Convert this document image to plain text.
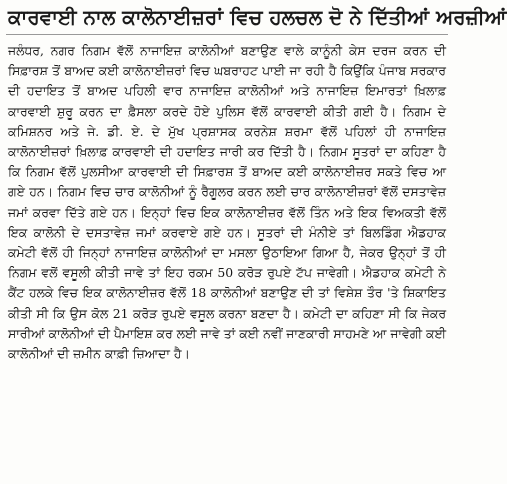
ਕਾਰਵਾਈ ਨਾਲ ਕਾਲੋਨਾਈਜ਼ਰਾਂ ਵਿਚ ਹਲਚਲ ਦੋ ਨੇ ਦਿੱਤੀਆਂ ਅਰਜ਼ੀਆਂ

ਜਲੰਧਰ, ਨਗਰ ਨਿਗਮ ਵੱਲੋਂ ਨਾਜਾਇਜ਼ ਕਾਲੋਨੀਆਂ ਬਣਾਉਣ ਵਾਲੇ ਕਾਨੂੰਨੀ ਕੇਸ ਦਰਜ ਕਰਨ ਦੀ ਸਿਫ਼ਾਰਸ਼ ਤੋਂ ਬਾਅਦ ਕਈ ਕਾਲੋਨਾਈਜ਼ਰਾਂ ਵਿਚ ਘਬਰਾਹਟ ਪਾਈ ਜਾ ਰਹੀ ਹੈ ਕਿਉਂਕਿ ਪੰਜਾਬ ਸਰਕਾਰ ਦੀ ਹਦਾਇਤ ਤੋਂ ਬਾਅਦ ਪਹਿਲੀ ਵਾਰ ਨਾਜਾਇਜ਼ ਕਾਲੋਨੀਆਂ ਅਤੇ ਨਾਜਾਇਜ਼ ਇਮਾਰਤਾਂ ਖ਼ਿਲਾਫ਼ ਕਾਰਵਾਈ ਸ਼ੁਰੂ ਕਰਨ ਦਾ ਫ਼ੈਸਲਾ ਕਰਦੇ ਹੋਏ ਪੁਲਿਸ ਵੱਲੋਂ ਕਾਰਵਾਈ ਕੀਤੀ ਗਈ ਹੈ। ਨਿਗਮ ਦੇ ਕਮਿਸ਼ਨਰ ਅਤੇ ਜੇ. ਡੀ. ਏ. ਦੇ ਮੁੱਖ ਪ੍ਰਸ਼ਾਸਕ ਕਰਨੇਸ਼ ਸ਼ਰਮਾ ਵੱਲੋਂ ਪਹਿਲਾਂ ਹੀ ਨਾਜਾਇਜ਼ ਕਾਲੋਨਾਈਜ਼ਰਾਂ ਖ਼ਿਲਾਫ਼ ਕਾਰਵਾਈ ਦੀ ਹਦਾਇਤ ਜਾਰੀ ਕਰ ਦਿੱਤੀ ਹੈ। ਨਿਗਮ ਸੂਤਰਾਂ ਦਾ ਕਹਿਣਾ ਹੈ ਕਿ ਨਿਗਮ ਵੱਲੋਂ ਪੁਲਸੀਆ ਕਾਰਵਾਈ ਦੀ ਸਿਫ਼ਾਰਸ਼ ਤੋਂ ਬਾਅਦ ਕਈ ਕਾਲੋਨਾਈਜ਼ਰ ਸਕਤੇ ਵਿਚ ਆ ਗਏ ਹਨ। ਨਿਗਮ ਵਿਚ ਚਾਰ ਕਾਲੋਨੀਆਂ ਨੂੰ ਰੈਗੂਲਰ ਕਰਨ ਲਈ ਚਾਰ ਕਾਲੋਨਾਈਜ਼ਰਾਂ ਵੱਲੋਂ ਦਸਤਾਵੇਜ਼ ਜਮਾਂ ਕਰਵਾ ਦਿੱਤੇ ਗਏ ਹਨ। ਇਨ੍ਹਾਂ ਵਿਚ ਇਕ ਕਾਲੋਨਾਈਜ਼ਰ ਵੱਲੋਂ ਤਿੰਨ ਅਤੇ ਇਕ ਵਿਅਕਤੀ ਵੱਲੋਂ ਇਕ ਕਾਲੋਨੀ ਦੇ ਦਸਤਾਵੇਜ਼ ਜਮਾਂ ਕਰਵਾਏ ਗਏ ਹਨ। ਸੂਤਰਾਂ ਦੀ ਮੰਨੀਏ ਤਾਂ ਬਿਲਡਿੰਗ ਐਡਹਾਕ ਕਮੇਟੀ ਵੱਲੋਂ ਹੀ ਜਿਨ੍ਹਾਂ ਨਾਜਾਇਜ਼ ਕਾਲੋਨੀਆਂ ਦਾ ਮਸਲਾ ਉਠਾਇਆ ਗਿਆ ਹੈ, ਜੇਕਰ ਉਨ੍ਹਾਂ ਤੋਂ ਹੀ ਨਿਗਮ ਵਲੋਂ ਵਸੂਲੀ ਕੀਤੀ ਜਾਵੇ ਤਾਂ ਇਹ ਰਕਮ 50 ਕਰੋੜ ਰੁਪਏ ਟੱਪ ਜਾਵੇਗੀ। ਐਡਹਾਕ ਕਮੇਟੀ ਨੇ ਕੈਂਟ ਹਲਕੇ ਵਿਚ ਇਕ ਕਾਲੋਨਾਈਜ਼ਰ ਵੱਲੋਂ 18 ਕਾਲੋਨੀਆਂ ਬਣਾਉਣ ਦੀ ਤਾਂ ਵਿਸ਼ੇਸ਼ ਤੌਰ 'ਤੇ ਸ਼ਿਕਾਇਤ ਕੀਤੀ ਸੀ ਕਿ ਉਸ ਕੋਲ 21 ਕਰੋੜ ਰੁਪਏ ਵਸੂਲ ਕਰਨਾ ਬਣਦਾ ਹੈ। ਕਮੇਟੀ ਦਾ ਕਹਿਣਾ ਸੀ ਕਿ ਜੇਕਰ ਸਾਰੀਆਂ ਕਾਲੋਨੀਆਂ ਦੀ ਪੈਮਾਇਸ਼ ਕਰ ਲਈ ਜਾਵੇ ਤਾਂ ਕਈ ਨਵੀਂ ਜਾਣਕਾਰੀ ਸਾਹਮਣੇ ਆ ਜਾਵੇਗੀ ਕਈ ਕਾਲੋਨੀਆਂ ਦੀ ਜ਼ਮੀਨ ਕਾਫ਼ੀ ਜ਼ਿਆਦਾ ਹੈ।
